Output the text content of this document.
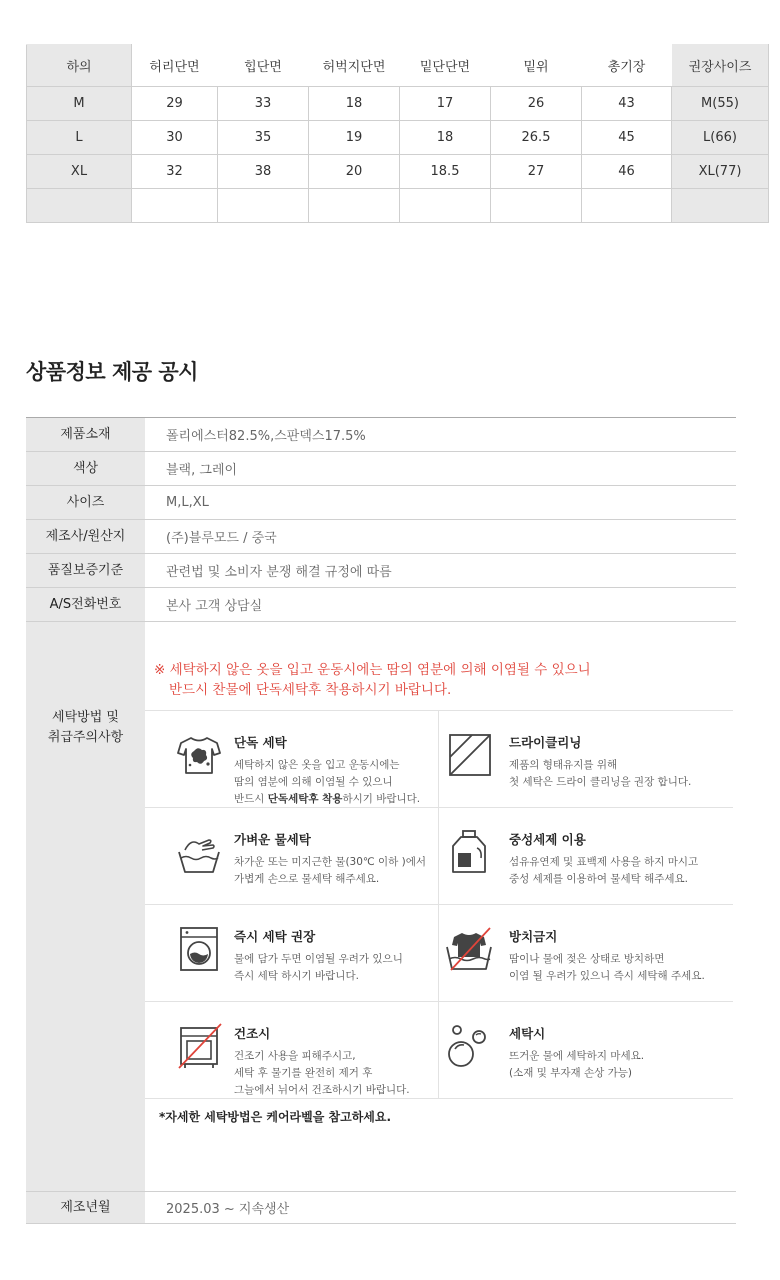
하의	허리단면	힙단면	허벅지단면	밑단단면	밑위	총기장	권장사이즈
M	29	33	18	17	26	43	M(55)
L	30	35	19	18	26.5	45	L(66)
XL	32	38	20	18.5	27	46	XL(77)

상품정보 제공 공시
제품소재	폴리에스터82.5%,스판덱스17.5%
색상	블랙, 그레이
사이즈	M,L,XL
제조사/원산지	(주)블루모드 / 중국
품질보증기준	관련법 및 소비자 분쟁 해결 규정에 따름
A/S전화번호	본사 고객 상담실
세탁방법 및
취급주의사항
※ 세탁하지 않은 옷을 입고 운동시에는 땀의 염분에 의해 이염될 수 있으니
반드시 찬물에 단독세탁후 착용하시기 바랍니다.
단독 세탁
세탁하지 않은 옷을 입고 운동시에는
땀의 염분에 의해 이염될 수 있으니
반드시 단독세탁후 착용하시기 바랍니다.
드라이클리닝
제품의 형태유지를 위해
첫 세탁은 드라이 클리닝을 권장 합니다.
가벼운 물세탁
차가운 또는 미지근한 물(30℃ 이하 )에서
가볍게 손으로 물세탁 해주세요.
중성세제 이용
섬유유연제 및 표백제 사용을 하지 마시고
중성 세제를 이용하여 물세탁 해주세요.
즉시 세탁 권장
물에 담가 두면 이염될 우려가 있으니
즉시 세탁 하시기 바랍니다.
방치금지
땀이나 물에 젖은 상태로 방치하면
이염 될 우려가 있으니 즉시 세탁해 주세요.
건조시
건조기 사용을 피해주시고,
세탁 후 물기를 완전히 제거 후
그늘에서 뉘어서 건조하시기 바랍니다.
세탁시
뜨거운 물에 세탁하지 마세요.
(소재 및 부자재 손상 가능)
*자세한 세탁방법은 케어라벨을 참고하세요.
제조년월	2025.03 ~ 지속생산
